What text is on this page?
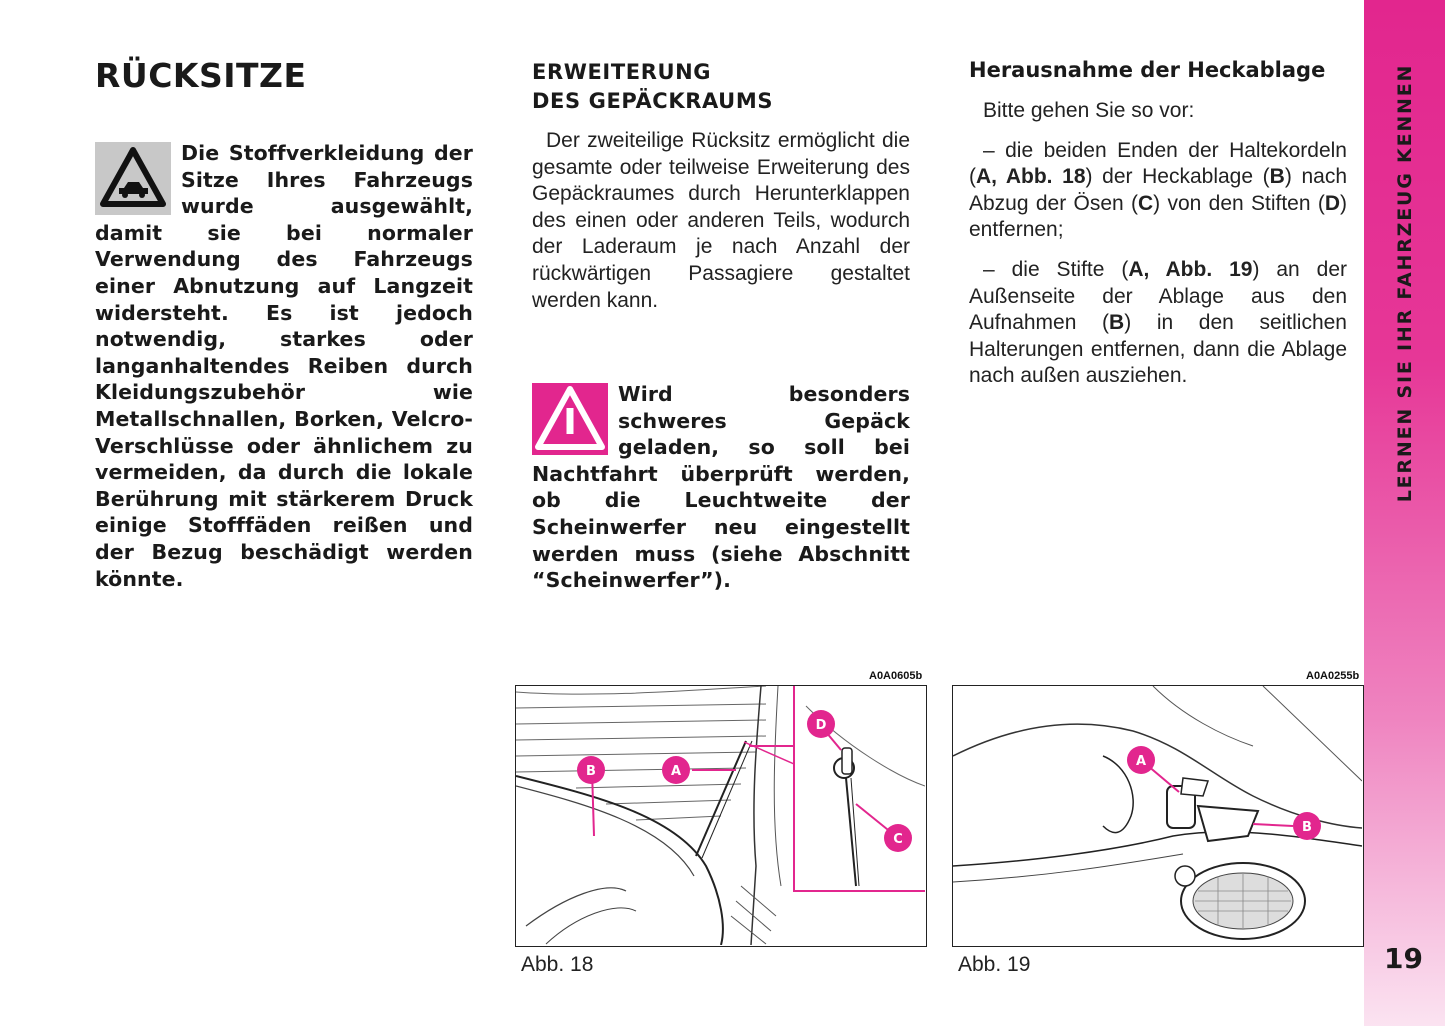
LERNEN SIE IHR FAHRZEUG KENNEN
19
RÜCKSITZE
Die Stoffverkleidung der Sitze Ihres Fahrzeugs wurde ausgewählt, damit sie bei normaler Verwendung des Fahrzeugs einer Abnutzung auf Langzeit widersteht. Es ist jedoch notwendig, starkes oder langanhaltendes Reiben durch Kleidungszubehör wie Metallschnallen, Borken, Velcro-Verschlüsse oder ähnlichem zu vermeiden, da durch die lokale Berührung mit stärkerem Druck einige Stofffäden reißen und der Bezug beschädigt werden könnte.
ERWEITERUNG
DES GEPÄCKRAUMS
Der zweiteilige Rücksitz ermöglicht die gesamte oder teilweise Erweiterung des Gepäckraumes durch Herunterklappen des einen oder anderen Teils, wodurch der Laderaum je nach Anzahl der rückwärtigen Passagiere gestaltet werden kann.
Wird besonders schweres Gepäck geladen, so soll bei Nachtfahrt überprüft werden, ob die Leuchtweite der Scheinwerfer neu eingestellt werden muss (siehe Abschnitt “Scheinwerfer”).
Herausnahme der Heckablage

Bitte gehen Sie so vor:

– die beiden Enden der Haltekordeln (A, Abb. 18) der Heckablage (B) nach Abzug der Ösen (C) von den Stiften (D) entfernen;

– die Stifte (A, Abb. 19) an der Außenseite der Ablage aus den Aufnahmen (B) in den seitlichen Halterungen entfernen, dann die Ablage nach außen ausziehen.

A0A0605b
A
B
C
D
Abb. 18
A0A0255b
A
B
Abb. 19
